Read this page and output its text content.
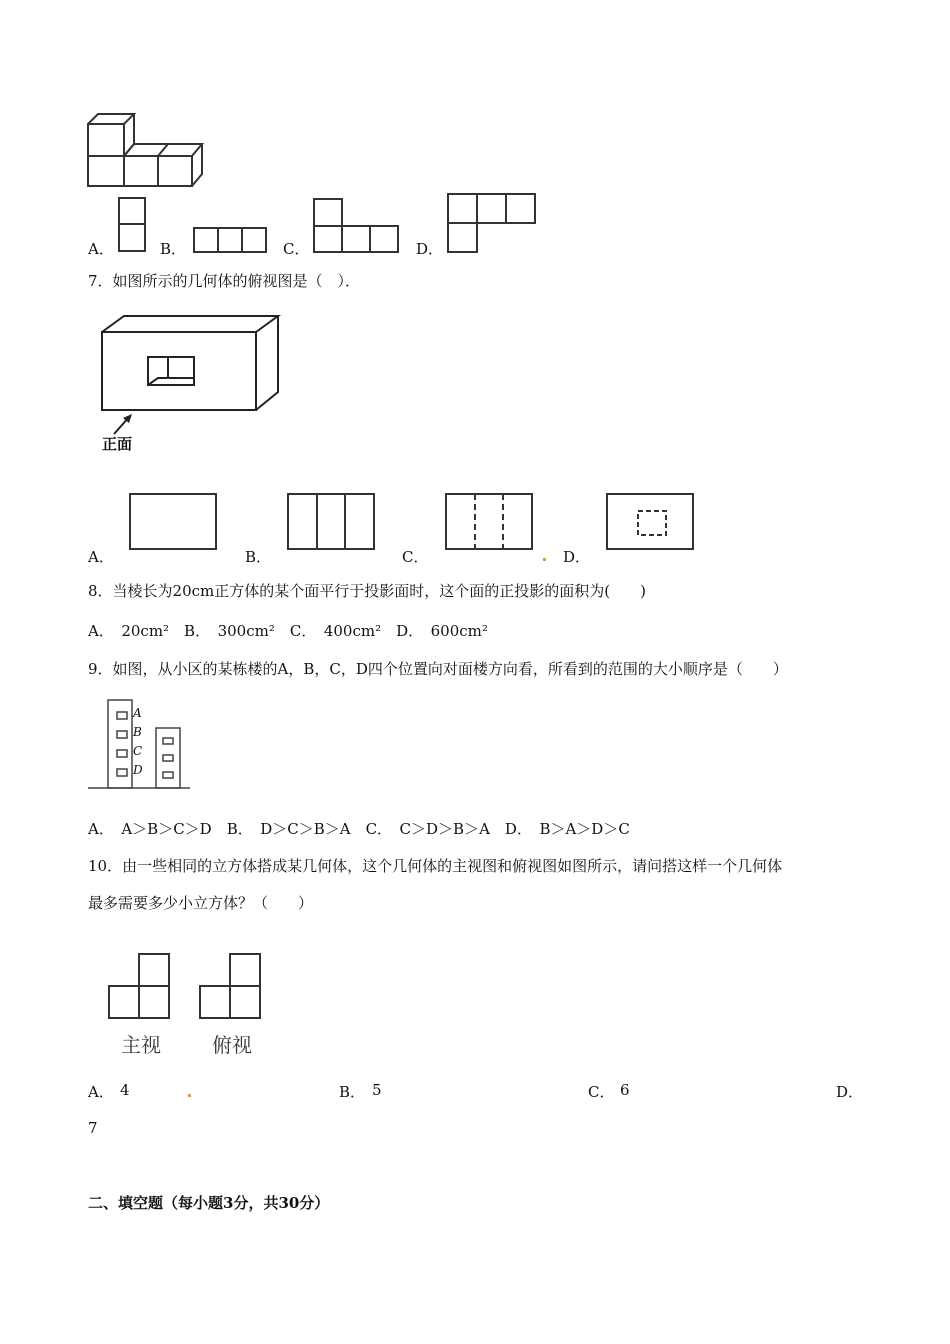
A．	B．	C．	D．
7．如图所示的几何体的俯视图是（　）．
正面
A．	B．	C．	D．
8．当棱长为20cm正方体的某个面平行于投影面时，这个面的正投影的面积为(　　)
A．　20cm²　B．　300cm²　C．　400cm²　D．　600cm²
9．如图，从小区的某栋楼的A，B，C，D四个位置向对面楼方向看，所看到的范围的大小顺序是（　　）
A
B
C
D
A．　A＞B＞C＞D　B．　D＞C＞B＞A　C．　C＞D＞B＞A　D．　B＞A＞D＞C
10．由一些相同的立方体搭成某几何体，这个几何体的主视图和俯视图如图所示，请问搭这样一个几何体
最多需要多少小立方体？（　　）
主视	俯视
A． 4	B． 5	C． 6	D．
7
二、填空题（每小题3分，共30分）
